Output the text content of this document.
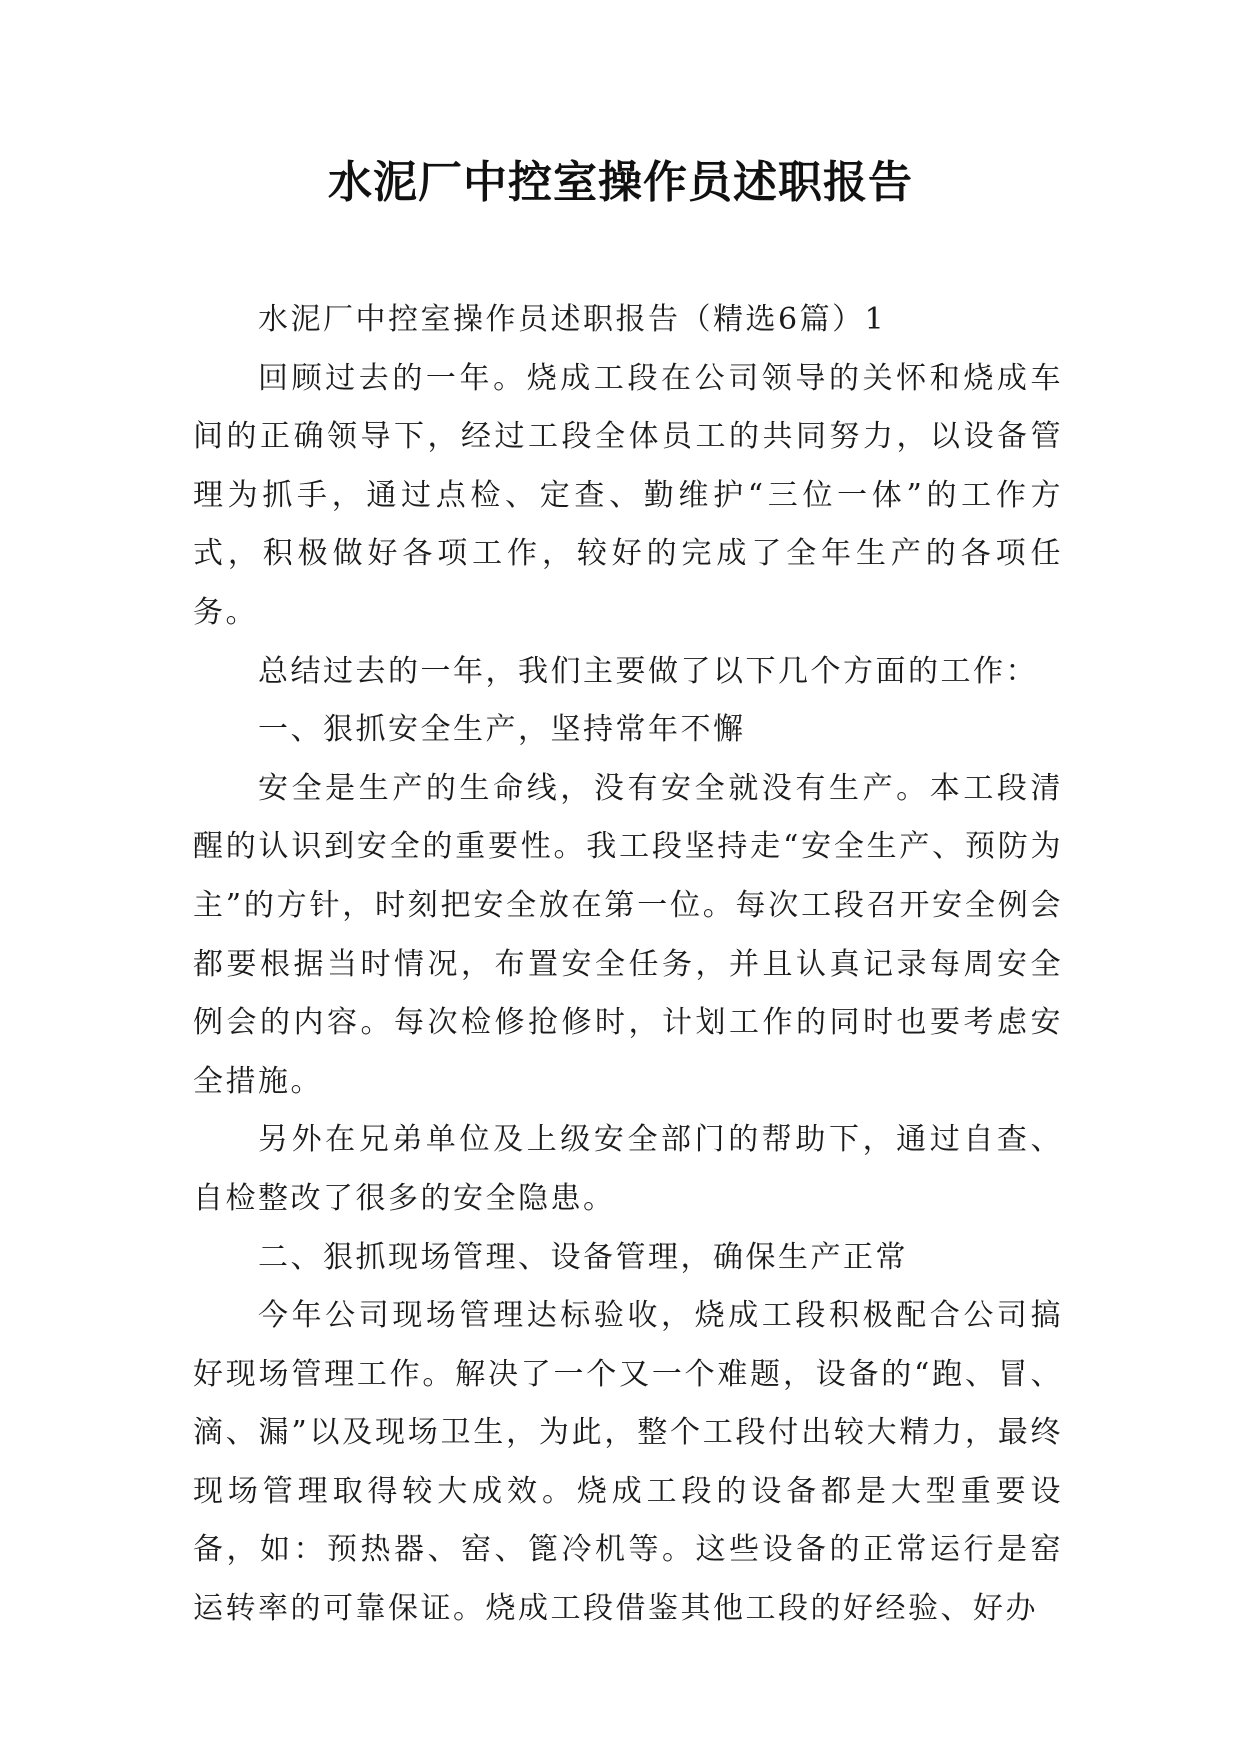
水泥厂中控室操作员述职报告

水泥厂中控室操作员述职报告（精选6篇）1

回顾过去的一年。烧成工段在公司领导的关怀和烧成车间的正确领导下，经过工段全体员工的共同努力，以设备管理为抓手，通过点检、定查、勤维护“三位一体”的工作方式，积极做好各项工作，较好的完成了全年生产的各项任务。

总结过去的一年，我们主要做了以下几个方面的工作：

一、狠抓安全生产，坚持常年不懈

安全是生产的生命线，没有安全就没有生产。本工段清醒的认识到安全的重要性。我工段坚持走“安全生产、预防为主”的方针，时刻把安全放在第一位。每次工段召开安全例会都要根据当时情况，布置安全任务，并且认真记录每周安全例会的内容。每次检修抢修时，计划工作的同时也要考虑安全措施。

另外在兄弟单位及上级安全部门的帮助下，通过自查、自检整改了很多的安全隐患。

二、狠抓现场管理、设备管理，确保生产正常

今年公司现场管理达标验收，烧成工段积极配合公司搞好现场管理工作。解决了一个又一个难题，设备的“跑、冒、滴、漏”以及现场卫生，为此，整个工段付出较大精力，最终现场管理取得较大成效。烧成工段的设备都是大型重要设备，如：预热器、窑、篦冷机等。这些设备的正常运行是窑运转率的可靠保证。烧成工段借鉴其他工段的好经验、好办
